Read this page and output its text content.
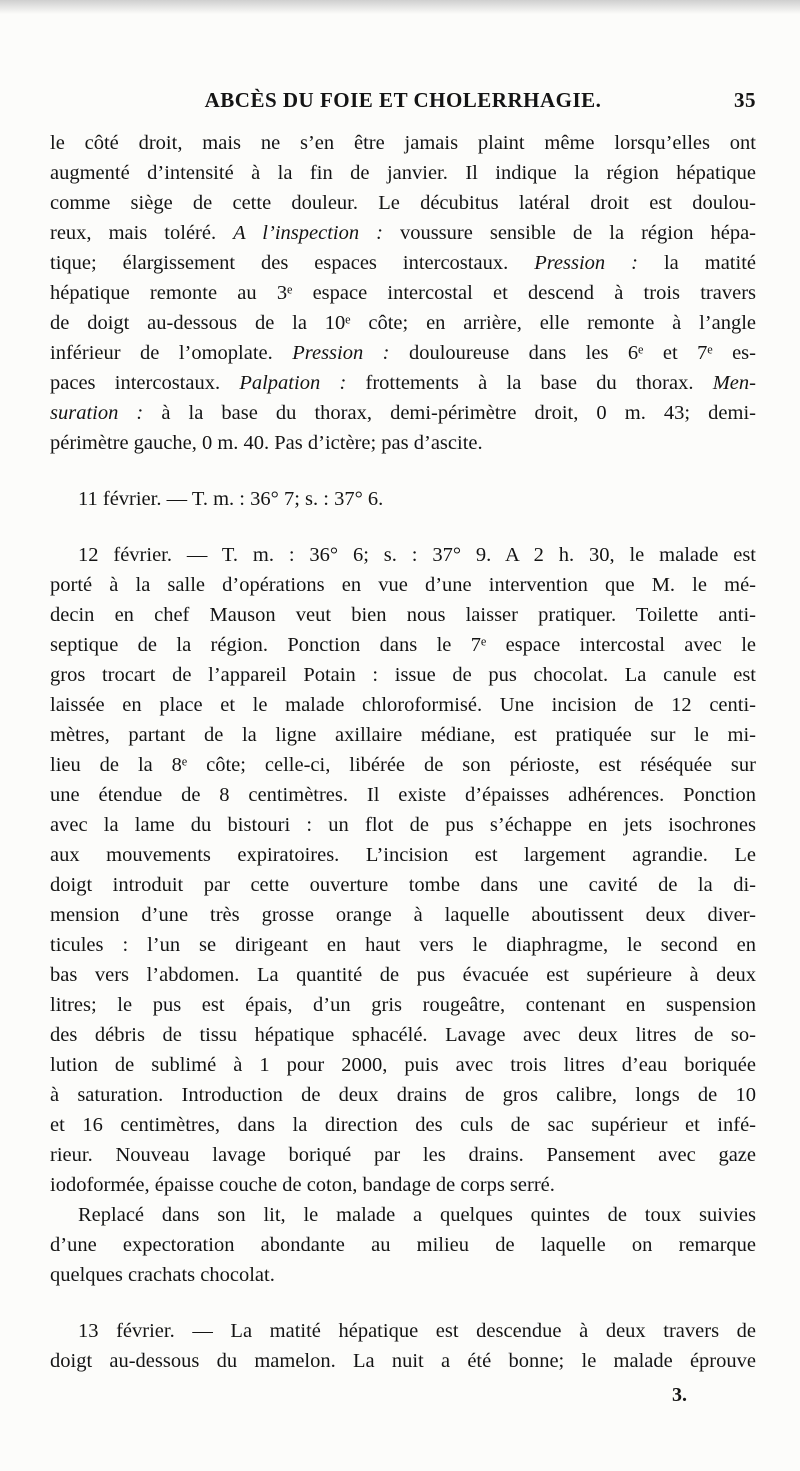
ABCÈS DU FOIE ET CHOLERRHAGIE.	35
le côté droit, mais ne s’en être jamais plaint même lorsqu’elles ont
augmenté d’intensité à la fin de janvier. Il indique la région hépatique
comme siège de cette douleur. Le décubitus latéral droit est doulou-
reux, mais toléré. A l’inspection : voussure sensible de la région hépa-
tique; élargissement des espaces intercostaux. Pression : la matité
hépatique remonte au 3ᵉ espace intercostal et descend à trois travers
de doigt au-dessous de la 10ᵉ côte; en arrière, elle remonte à l’angle
inférieur de l’omoplate. Pression : douloureuse dans les 6ᵉ et 7ᵉ es-
paces intercostaux. Palpation : frottements à la base du thorax. Men-
suration : à la base du thorax, demi-périmètre droit, 0 m. 43; demi-
périmètre gauche, 0 m. 40. Pas d’ictère; pas d’ascite.
11 février. — T. m. : 36° 7; s. : 37° 6.
12 février. — T. m. : 36° 6; s. : 37° 9. A 2 h. 30, le malade est
porté à la salle d’opérations en vue d’une intervention que M. le mé-
decin en chef Mauson veut bien nous laisser pratiquer. Toilette anti-
septique de la région. Ponction dans le 7ᵉ espace intercostal avec le
gros trocart de l’appareil Potain : issue de pus chocolat. La canule est
laissée en place et le malade chloroformisé. Une incision de 12 centi-
mètres, partant de la ligne axillaire médiane, est pratiquée sur le mi-
lieu de la 8ᵉ côte; celle-ci, libérée de son périoste, est réséquée sur
une étendue de 8 centimètres. Il existe d’épaisses adhérences. Ponction
avec la lame du bistouri : un flot de pus s’échappe en jets isochrones
aux mouvements expiratoires. L’incision est largement agrandie. Le
doigt introduit par cette ouverture tombe dans une cavité de la di-
mension d’une très grosse orange à laquelle aboutissent deux diver-
ticules : l’un se dirigeant en haut vers le diaphragme, le second en
bas vers l’abdomen. La quantité de pus évacuée est supérieure à deux
litres; le pus est épais, d’un gris rougeâtre, contenant en suspension
des débris de tissu hépatique sphacélé. Lavage avec deux litres de so-
lution de sublimé à 1 pour 2000, puis avec trois litres d’eau boriquée
à saturation. Introduction de deux drains de gros calibre, longs de 10
et 16 centimètres, dans la direction des culs de sac supérieur et infé-
rieur. Nouveau lavage boriqué par les drains. Pansement avec gaze
iodoformée, épaisse couche de coton, bandage de corps serré.
Replacé dans son lit, le malade a quelques quintes de toux suivies
d’une expectoration abondante au milieu de laquelle on remarque
quelques crachats chocolat.
13 février. — La matité hépatique est descendue à deux travers de
doigt au-dessous du mamelon. La nuit a été bonne; le malade éprouve
3.
